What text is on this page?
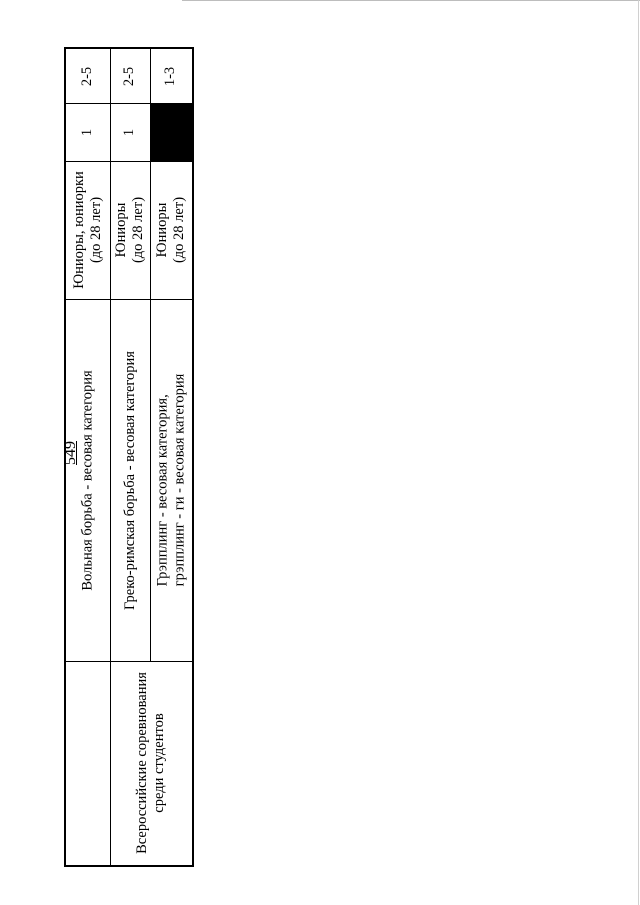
549
Всероссийские соревнования среди студентов
Вольная борьба - весовая категория
Юниоры, юниорки (до 28 лет)
1
2-5
Греко-римская борьба - весовая категория
Юниоры (до 28 лет)
1
2-5
Грэпплинг - весовая категория, грэпплинг - ги - весовая категория
Юниоры (до 28 лет)
1-3
